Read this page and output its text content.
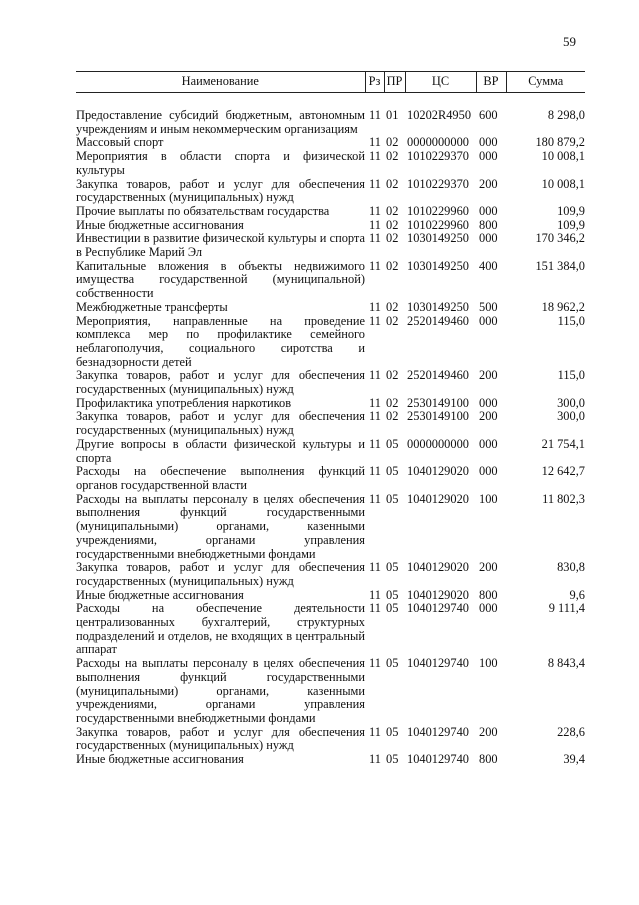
59
Наименование	Рз	ПР	ЦС	ВР	Сумма

Предоставление субсидий бюджетным, автономным учреждениям и иным некоммерческим организациям	11	01	10202R4950	600	8 298,0
Массовый спорт	11	02	0000000000	000	180 879,2
Мероприятия в области спорта и физической культуры	11	02	1010229370	000	10 008,1
Закупка товаров, работ и услуг для обеспечения государственных (муниципальных) нужд	11	02	1010229370	200	10 008,1
Прочие выплаты по обязательствам государства	11	02	1010229960	000	109,9
Иные бюджетные ассигнования	11	02	1010229960	800	109,9
Инвестиции в развитие физической культуры и спорта в Республике Марий Эл	11	02	1030149250	000	170 346,2
Капитальные вложения в объекты недвижимого имущества государственной (муниципальной) собственности	11	02	1030149250	400	151 384,0
Межбюджетные трансферты	11	02	1030149250	500	18 962,2
Мероприятия, направленные на проведение комплекса мер по профилактике семейного неблагополучия, социального сиротства и безнадзорности детей	11	02	2520149460	000	115,0
Закупка товаров, работ и услуг для обеспечения государственных (муниципальных) нужд	11	02	2520149460	200	115,0
Профилактика употребления наркотиков	11	02	2530149100	000	300,0
Закупка товаров, работ и услуг для обеспечения государственных (муниципальных) нужд	11	02	2530149100	200	300,0
Другие вопросы в области физической культуры и спорта	11	05	0000000000	000	21 754,1
Расходы на обеспечение выполнения функций органов государственной власти	11	05	1040129020	000	12 642,7
Расходы на выплаты персоналу в целях обеспечения выполнения функций государственными (муниципальными) органами, казенными учреждениями, органами управления государственными внебюджетными фондами	11	05	1040129020	100	11 802,3
Закупка товаров, работ и услуг для обеспечения государственных (муниципальных) нужд	11	05	1040129020	200	830,8
Иные бюджетные ассигнования	11	05	1040129020	800	9,6
Расходы на обеспечение деятельности централизованных бухгалтерий, структурных подразделений и отделов, не входящих в центральный аппарат	11	05	1040129740	000	9 111,4
Расходы на выплаты персоналу в целях обеспечения выполнения функций государственными (муниципальными) органами, казенными учреждениями, органами управления государственными внебюджетными фондами	11	05	1040129740	100	8 843,4
Закупка товаров, работ и услуг для обеспечения государственных (муниципальных) нужд	11	05	1040129740	200	228,6
Иные бюджетные ассигнования	11	05	1040129740	800	39,4
